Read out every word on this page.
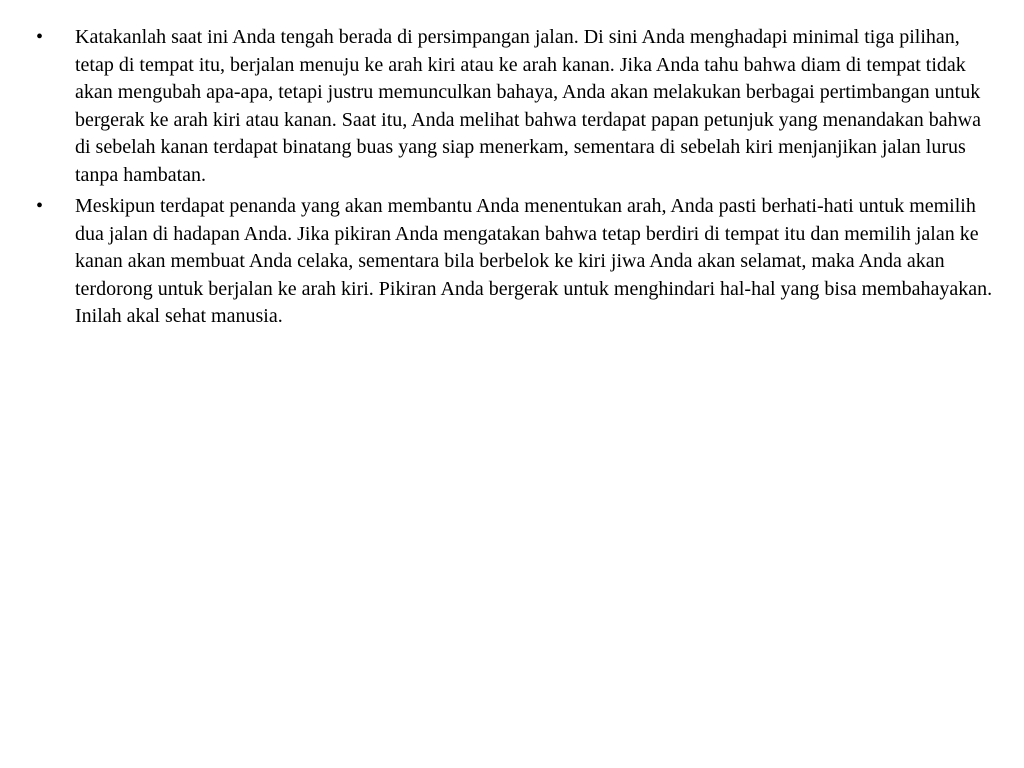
•	Katakanlah saat ini Anda tengah berada di persimpangan jalan. Di sini Anda menghadapi minimal tiga pilihan, tetap di tempat itu, berjalan menuju ke arah kiri atau ke arah kanan. Jika Anda tahu bahwa diam di tempat tidak akan mengubah apa-apa, tetapi justru memunculkan bahaya, Anda akan melakukan berbagai pertimbangan untuk bergerak ke arah kiri atau kanan. Saat itu, Anda melihat bahwa terdapat papan petunjuk yang menandakan bahwa di sebelah kanan terdapat binatang buas yang siap menerkam, sementara di sebelah kiri menjanjikan jalan lurus tanpa hambatan.
•	Meskipun terdapat penanda yang akan membantu Anda menentukan arah, Anda pasti berhati-hati untuk memilih dua jalan di hadapan Anda. Jika pikiran Anda mengatakan bahwa tetap berdiri di tempat itu dan memilih jalan ke kanan akan membuat Anda celaka, sementara bila berbelok ke kiri jiwa Anda akan selamat, maka Anda akan terdorong untuk berjalan ke arah kiri. Pikiran Anda bergerak untuk menghindari hal-hal yang bisa membahayakan. Inilah akal sehat manusia.
